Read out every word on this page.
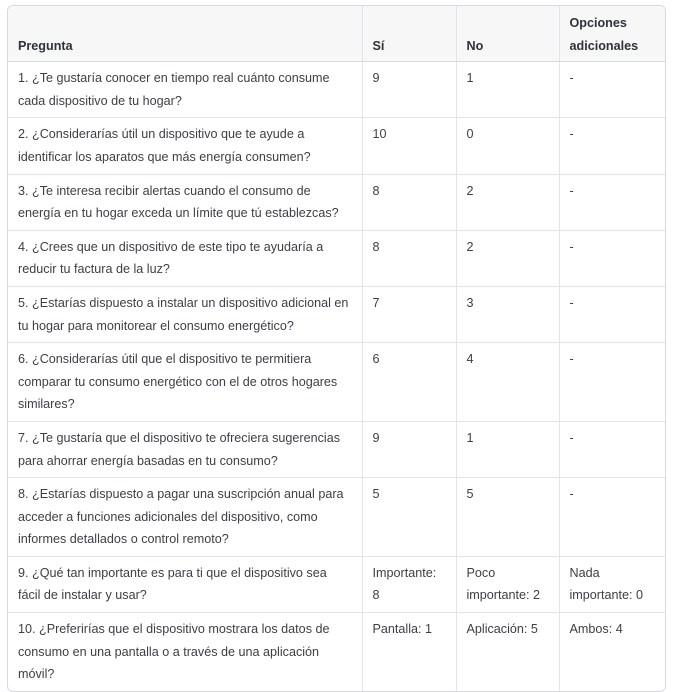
Pregunta	Sí	No	Opciones adicionales
1. ¿Te gustaría conocer en tiempo real cuánto consume cada dispositivo de tu hogar?	9	1	-
2. ¿Considerarías útil un dispositivo que te ayude a identificar los aparatos que más energía consumen?	10	0	-
3. ¿Te interesa recibir alertas cuando el consumo de energía en tu hogar exceda un límite que tú establezcas?	8	2	-
4. ¿Crees que un dispositivo de este tipo te ayudaría a reducir tu factura de la luz?	8	2	-
5. ¿Estarías dispuesto a instalar un dispositivo adicional en tu hogar para monitorear el consumo energético?	7	3	-
6. ¿Considerarías útil que el dispositivo te permitiera comparar tu consumo energético con el de otros hogares similares?	6	4	-
7. ¿Te gustaría que el dispositivo te ofreciera sugerencias para ahorrar energía basadas en tu consumo?	9	1	-
8. ¿Estarías dispuesto a pagar una suscripción anual para acceder a funciones adicionales del dispositivo, como informes detallados o control remoto?	5	5	-
9. ¿Qué tan importante es para ti que el dispositivo sea fácil de instalar y usar?	Importante: 8	Poco importante: 2	Nada importante: 0
10. ¿Preferirías que el dispositivo mostrara los datos de consumo en una pantalla o a través de una aplicación móvil?	Pantalla: 1	Aplicación: 5	Ambos: 4
